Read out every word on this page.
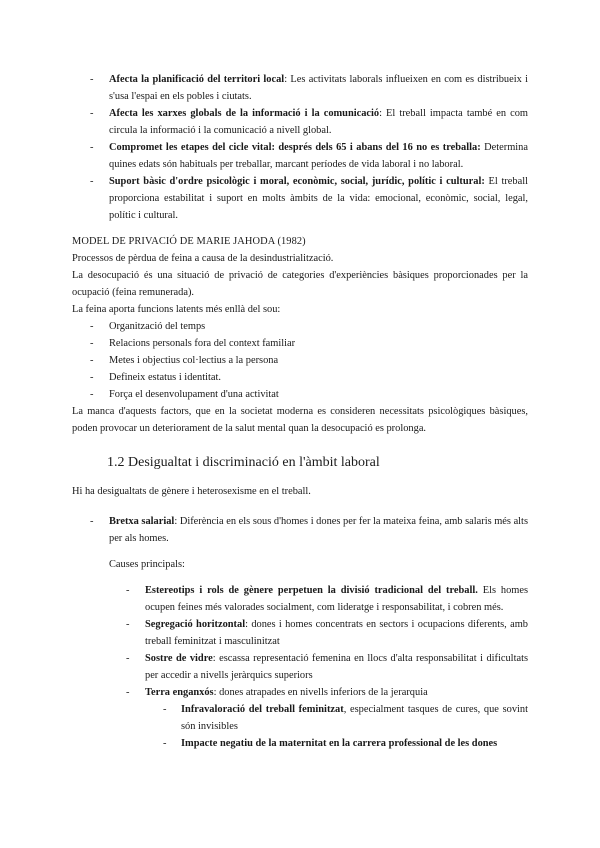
- Afecta la planificació del territori local: Les activitats laborals influeixen en com es distribueix i s'usa l'espai en els pobles i ciutats.
- Afecta les xarxes globals de la informació i la comunicació: El treball impacta també en com circula la informació i la comunicació a nivell global.
- Compromet les etapes del cicle vital: després dels 65 i abans del 16 no es treballa: Determina quines edats són habituals per treballar, marcant períodes de vida laboral i no laboral.
- Suport bàsic d'ordre psicològic i moral, econòmic, social, jurídic, polític i cultural: El treball proporciona estabilitat i suport en molts àmbits de la vida: emocional, econòmic, social, legal, polític i cultural.
MODEL DE PRIVACIÓ DE MARIE JAHODA (1982)
Processos de pèrdua de feina a causa de la desindustrialització.
La desocupació és una situació de privació de categories d'experiències bàsiques proporcionades per la ocupació (feina remunerada).
La feina aporta funcions latents més enllà del sou:
- Organització del temps
- Relacions personals fora del context familiar
- Metes i objectius col·lectius a la persona
- Defineix estatus i identitat.
- Força el desenvolupament d'una activitat
La manca d'aquests factors, que en la societat moderna es consideren necessitats psicològiques bàsiques, poden provocar un deteriorament de la salut mental quan la desocupació es prolonga.
1.2 Desigualtat i discriminació en l'àmbit laboral
Hi ha desigualtats de gènere i heterosexisme en el treball.
- Bretxa salarial: Diferència en els sous d'homes i dones per fer la mateixa feina, amb salaris més alts per als homes.
Causes principals:
- Estereotips i rols de gènere perpetuen la divisió tradicional del treball. Els homes ocupen feines més valorades socialment, com lideratge i responsabilitat, i cobren més.
- Segregació horitzontal: dones i homes concentrats en sectors i ocupacions diferents, amb treball feminitzat i masculinitzat
- Sostre de vidre: escassa representació femenina en llocs d'alta responsabilitat i dificultats per accedir a nivells jeràrquics superiors
- Terra enganxós: dones atrapades en nivells inferiors de la jerarquia
- Infravaloració del treball feminitzat, especialment tasques de cures, que sovint són invisibles
- Impacte negatiu de la maternitat en la carrera professional de les dones
